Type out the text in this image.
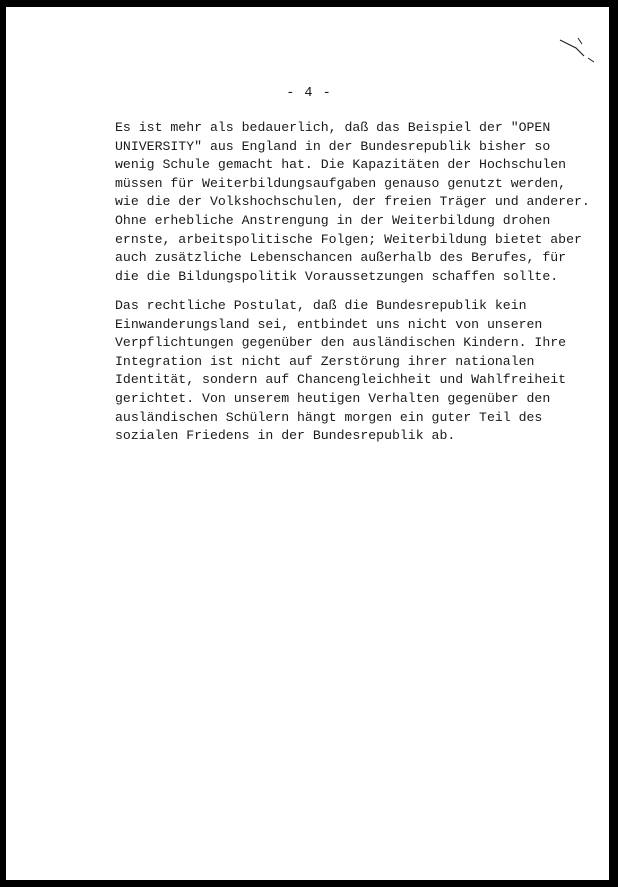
- 4 -

Es ist mehr als bedauerlich, daß das Beispiel der "OPEN
UNIVERSITY" aus England in der Bundesrepublik bisher so
wenig Schule gemacht hat. Die Kapazitäten der Hochschulen
müssen für Weiterbildungsaufgaben genauso genutzt werden,
wie die der Volkshochschulen, der freien Träger und anderer.
Ohne erhebliche Anstrengung in der Weiterbildung drohen
ernste, arbeitspolitische Folgen; Weiterbildung bietet aber
auch zusätzliche Lebenschancen außerhalb des Berufes, für
die die Bildungspolitik Voraussetzungen schaffen sollte.

Das rechtliche Postulat, daß die Bundesrepublik kein
Einwanderungsland sei, entbindet uns nicht von unseren
Verpflichtungen gegenüber den ausländischen Kindern. Ihre
Integration ist nicht auf Zerstörung ihrer nationalen
Identität, sondern auf Chancengleichheit und Wahlfreiheit
gerichtet. Von unserem heutigen Verhalten gegenüber den
ausländischen Schülern hängt morgen ein guter Teil des
sozialen Friedens in der Bundesrepublik ab.
